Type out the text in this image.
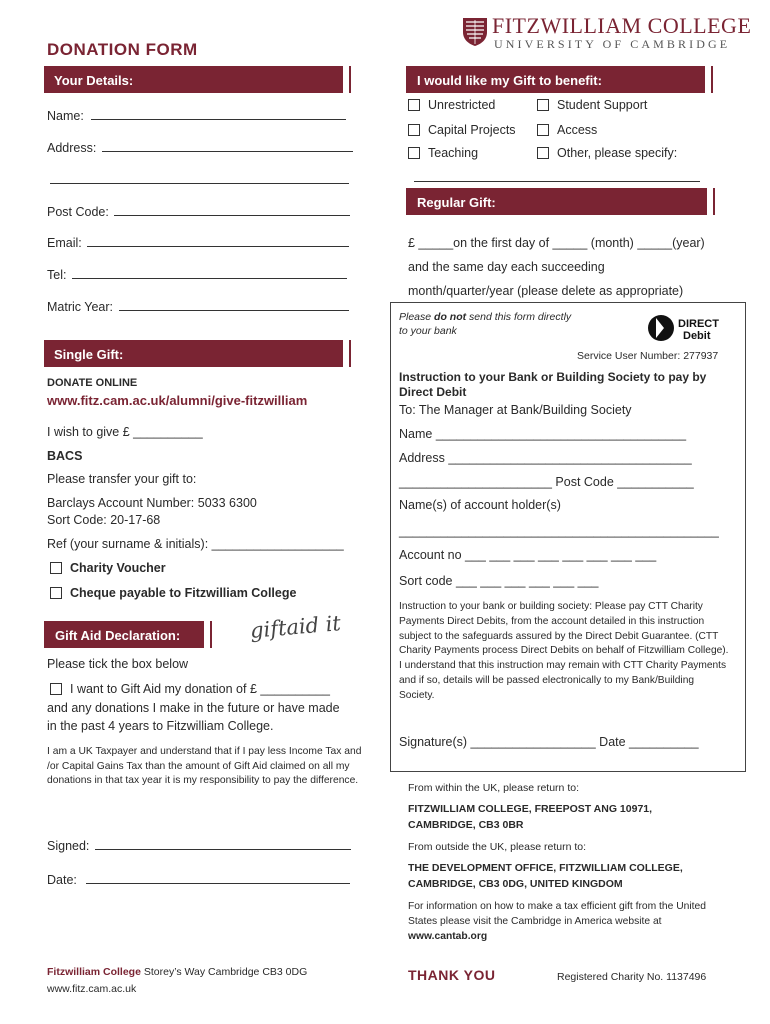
FITZWILLIAM COLLEGE
UNIVERSITY OF CAMBRIDGE
DONATION FORM
Your Details:
Name:
Address:
Post Code:
Email:
Tel:
Matric Year:
I would like my Gift to benefit:
Unrestricted	Student Support
Capital Projects	Access
Teaching	Other, please specify:
Regular Gift:
£ _____on the first day of _____ (month) _____(year)
and the same day each succeeding
month/quarter/year (please delete as appropriate)
Please do not send this form directly
to your bank
DIRECT
Debit
Service User Number: 277937
Instruction to your Bank or Building Society to pay by Direct Debit
To: The Manager at Bank/Building Society
Name ____________________________________
Address ___________________________________
______________________ Post Code ___________
Name(s) of account holder(s)
______________________________________________
Account no ___ ___ ___ ___ ___ ___ ___ ___
Sort code ___ ___ ___ ___ ___ ___
Instruction to your bank or building society: Please pay CTT Charity Payments Direct Debits, from the account detailed in this instruction subject to the safeguards assured by the Direct Debit Guarantee. (CTT Charity Payments process Direct Debits on behalf of Fitzwilliam College). I understand that this instruction may remain with CTT Charity Payments and if so, details will be passed electronically to my Bank/Building Society.
Signature(s) __________________ Date __________
Single Gift:
DONATE ONLINE
www.fitz.cam.ac.uk/alumni/give-fitzwilliam
I wish to give £ __________
BACS
Please transfer your gift to:
Barclays Account Number: 5033 6300
Sort Code: 20-17-68
Ref (your surname & initials): ___________________
Charity Voucher
Cheque payable to Fitzwilliam College
Gift Aid Declaration:	giftaid it
Please tick the box below
I want to Gift Aid my donation of £ __________
and any donations I make in the future or have made
in the past 4 years to Fitzwilliam College.
I am a UK Taxpayer and understand that if I pay less Income Tax and /or Capital Gains Tax than the amount of Gift Aid claimed on all my donations in that tax year it is my responsibility to pay the difference.
Signed:
Date:
From within the UK, please return to:
FITZWILLIAM COLLEGE, FREEPOST ANG 10971,
CAMBRIDGE, CB3 0BR
From outside the UK, please return to:
THE DEVELOPMENT OFFICE, FITZWILLIAM COLLEGE,
CAMBRIDGE, CB3 0DG, UNITED KINGDOM
For information on how to make a tax efficient gift from the United States please visit the Cambridge in America website at www.cantab.org
Fitzwilliam College Storey’s Way Cambridge CB3 0DG
www.fitz.cam.ac.uk
THANK YOU	Registered Charity No. 1137496
